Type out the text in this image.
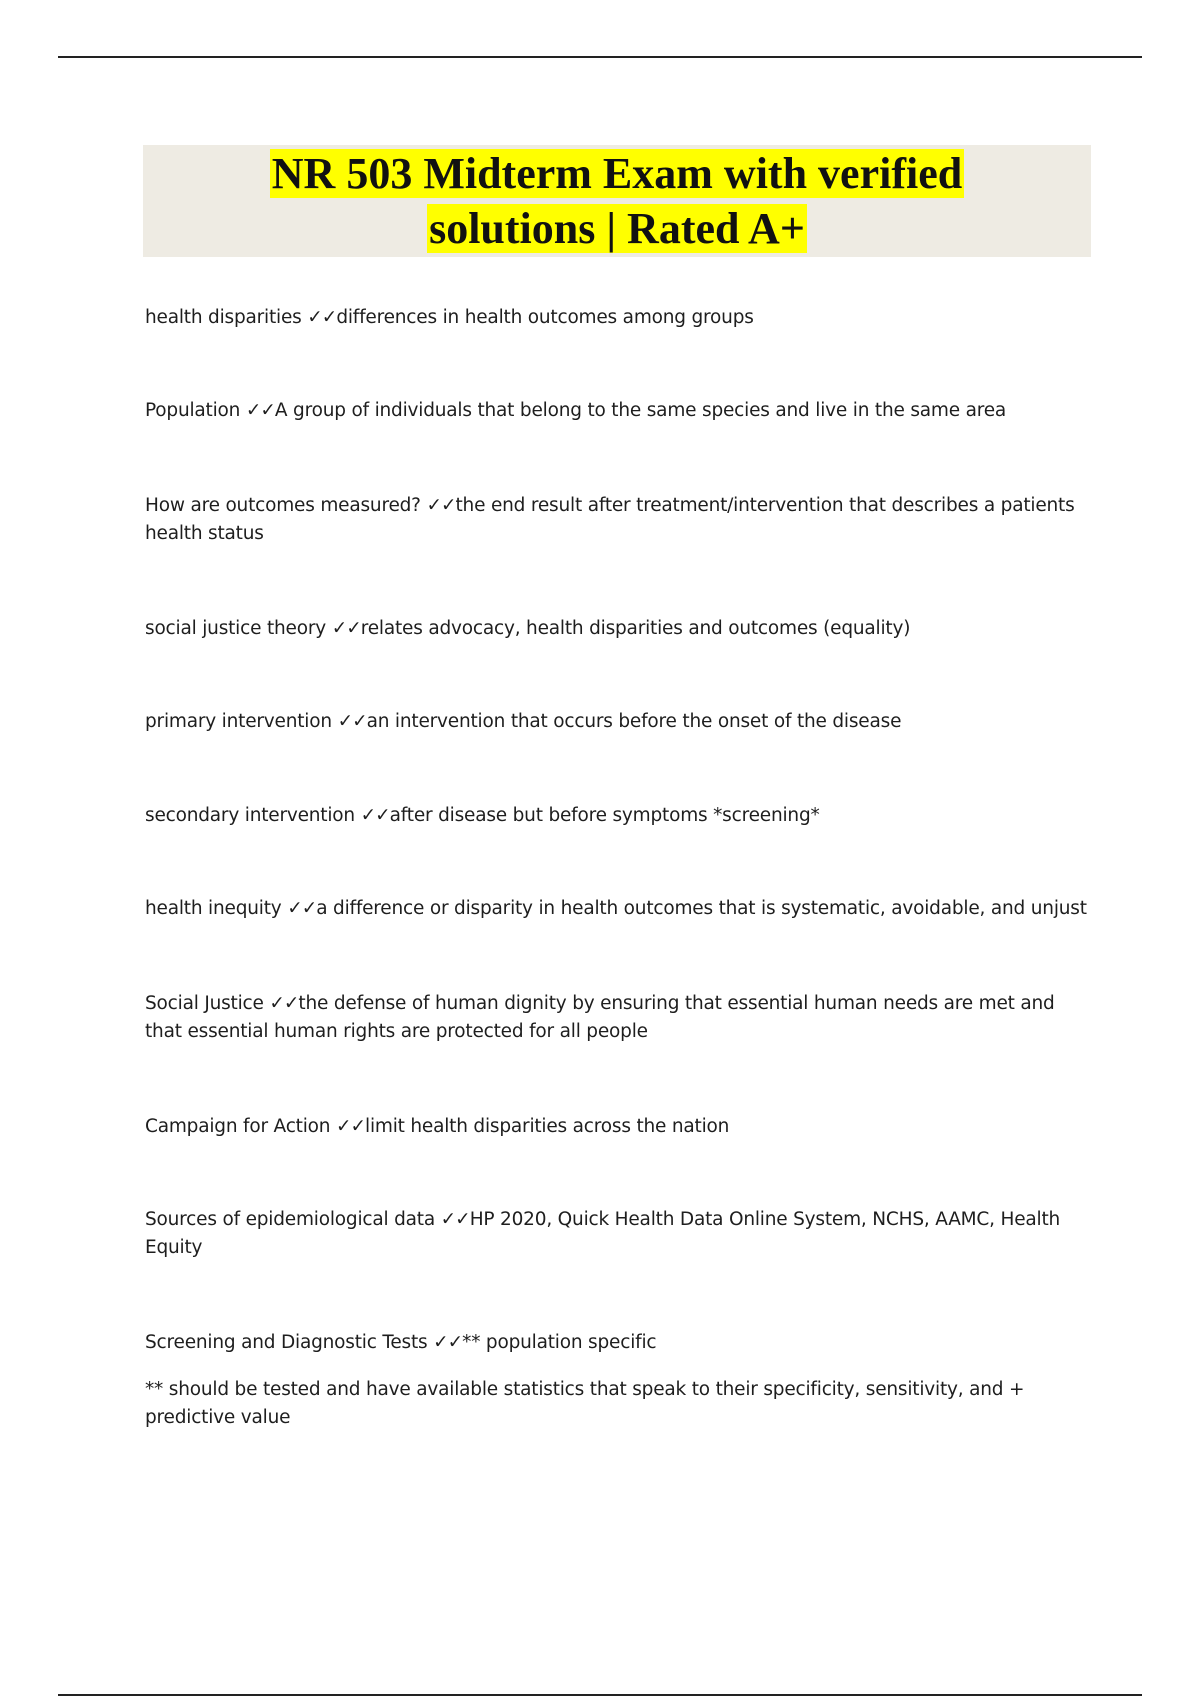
NR 503 Midterm Exam with verified
solutions | Rated A+
health disparities ✓✓differences in health outcomes among groups
Population ✓✓A group of individuals that belong to the same species and live in the same area
How are outcomes measured? ✓✓the end result after treatment/intervention that describes a patients health status
social justice theory ✓✓relates advocacy, health disparities and outcomes (equality)
primary intervention ✓✓an intervention that occurs before the onset of the disease
secondary intervention ✓✓after disease but before symptoms *screening*
health inequity ✓✓a difference or disparity in health outcomes that is systematic, avoidable, and unjust
Social Justice ✓✓the defense of human dignity by ensuring that essential human needs are met and that essential human rights are protected for all people
Campaign for Action ✓✓limit health disparities across the nation
Sources of epidemiological data ✓✓HP 2020, Quick Health Data Online System, NCHS, AAMC, Health Equity
Screening and Diagnostic Tests ✓✓** population specific
** should be tested and have available statistics that speak to their specificity, sensitivity, and + predictive value
